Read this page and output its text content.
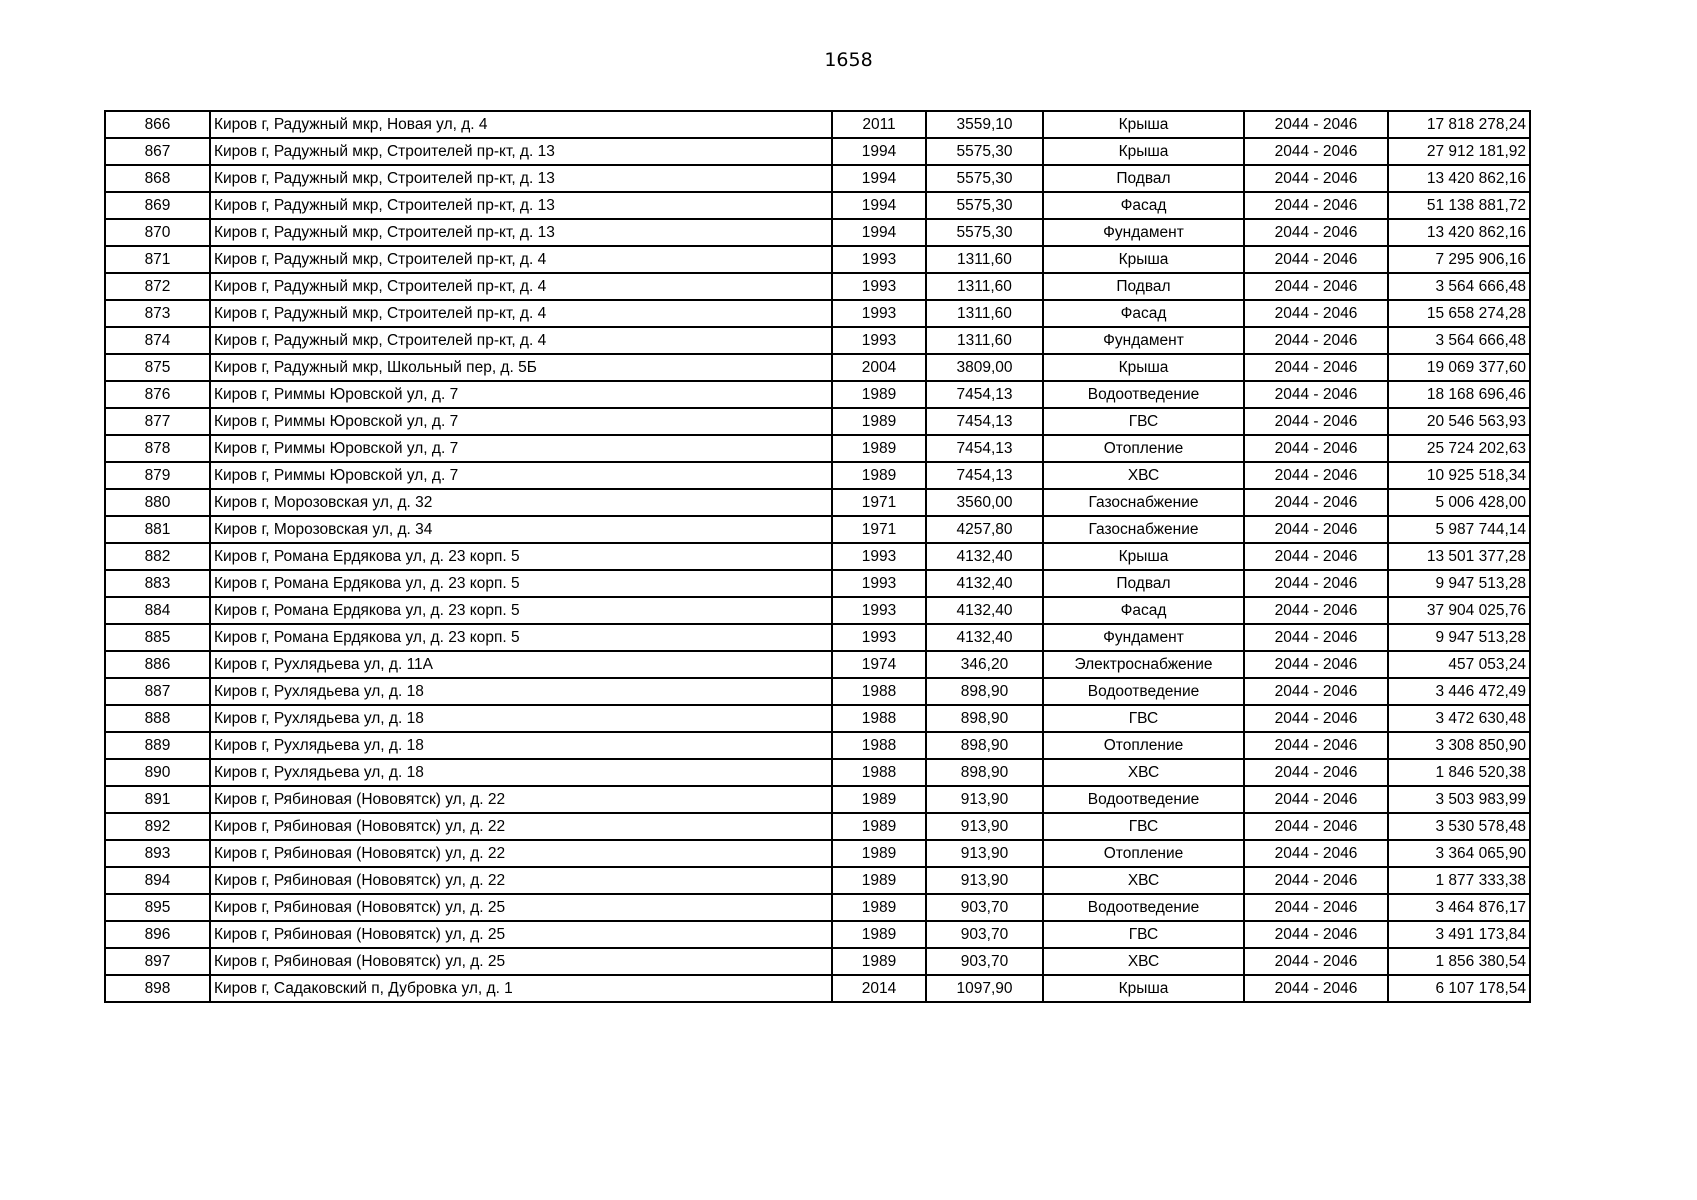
1658
866	Киров г, Радужный мкр, Новая ул, д. 4	2011	3559,10	Крыша	2044 - 2046	17 818 278,24
867	Киров г, Радужный мкр, Строителей пр-кт, д. 13	1994	5575,30	Крыша	2044 - 2046	27 912 181,92
868	Киров г, Радужный мкр, Строителей пр-кт, д. 13	1994	5575,30	Подвал	2044 - 2046	13 420 862,16
869	Киров г, Радужный мкр, Строителей пр-кт, д. 13	1994	5575,30	Фасад	2044 - 2046	51 138 881,72
870	Киров г, Радужный мкр, Строителей пр-кт, д. 13	1994	5575,30	Фундамент	2044 - 2046	13 420 862,16
871	Киров г, Радужный мкр, Строителей пр-кт, д. 4	1993	1311,60	Крыша	2044 - 2046	7 295 906,16
872	Киров г, Радужный мкр, Строителей пр-кт, д. 4	1993	1311,60	Подвал	2044 - 2046	3 564 666,48
873	Киров г, Радужный мкр, Строителей пр-кт, д. 4	1993	1311,60	Фасад	2044 - 2046	15 658 274,28
874	Киров г, Радужный мкр, Строителей пр-кт, д. 4	1993	1311,60	Фундамент	2044 - 2046	3 564 666,48
875	Киров г, Радужный мкр, Школьный пер, д. 5Б	2004	3809,00	Крыша	2044 - 2046	19 069 377,60
876	Киров г, Риммы Юровской ул, д. 7	1989	7454,13	Водоотведение	2044 - 2046	18 168 696,46
877	Киров г, Риммы Юровской ул, д. 7	1989	7454,13	ГВС	2044 - 2046	20 546 563,93
878	Киров г, Риммы Юровской ул, д. 7	1989	7454,13	Отопление	2044 - 2046	25 724 202,63
879	Киров г, Риммы Юровской ул, д. 7	1989	7454,13	ХВС	2044 - 2046	10 925 518,34
880	Киров г, Морозовская ул, д. 32	1971	3560,00	Газоснабжение	2044 - 2046	5 006 428,00
881	Киров г, Морозовская ул, д. 34	1971	4257,80	Газоснабжение	2044 - 2046	5 987 744,14
882	Киров г, Романа Ердякова ул, д. 23 корп. 5	1993	4132,40	Крыша	2044 - 2046	13 501 377,28
883	Киров г, Романа Ердякова ул, д. 23 корп. 5	1993	4132,40	Подвал	2044 - 2046	9 947 513,28
884	Киров г, Романа Ердякова ул, д. 23 корп. 5	1993	4132,40	Фасад	2044 - 2046	37 904 025,76
885	Киров г, Романа Ердякова ул, д. 23 корп. 5	1993	4132,40	Фундамент	2044 - 2046	9 947 513,28
886	Киров г, Рухлядьева ул, д. 11А	1974	346,20	Электроснабжение	2044 - 2046	457 053,24
887	Киров г, Рухлядьева ул, д. 18	1988	898,90	Водоотведение	2044 - 2046	3 446 472,49
888	Киров г, Рухлядьева ул, д. 18	1988	898,90	ГВС	2044 - 2046	3 472 630,48
889	Киров г, Рухлядьева ул, д. 18	1988	898,90	Отопление	2044 - 2046	3 308 850,90
890	Киров г, Рухлядьева ул, д. 18	1988	898,90	ХВС	2044 - 2046	1 846 520,38
891	Киров г, Рябиновая (Нововятск) ул, д. 22	1989	913,90	Водоотведение	2044 - 2046	3 503 983,99
892	Киров г, Рябиновая (Нововятск) ул, д. 22	1989	913,90	ГВС	2044 - 2046	3 530 578,48
893	Киров г, Рябиновая (Нововятск) ул, д. 22	1989	913,90	Отопление	2044 - 2046	3 364 065,90
894	Киров г, Рябиновая (Нововятск) ул, д. 22	1989	913,90	ХВС	2044 - 2046	1 877 333,38
895	Киров г, Рябиновая (Нововятск) ул, д. 25	1989	903,70	Водоотведение	2044 - 2046	3 464 876,17
896	Киров г, Рябиновая (Нововятск) ул, д. 25	1989	903,70	ГВС	2044 - 2046	3 491 173,84
897	Киров г, Рябиновая (Нововятск) ул, д. 25	1989	903,70	ХВС	2044 - 2046	1 856 380,54
898	Киров г, Садаковский п, Дубровка ул, д. 1	2014	1097,90	Крыша	2044 - 2046	6 107 178,54
